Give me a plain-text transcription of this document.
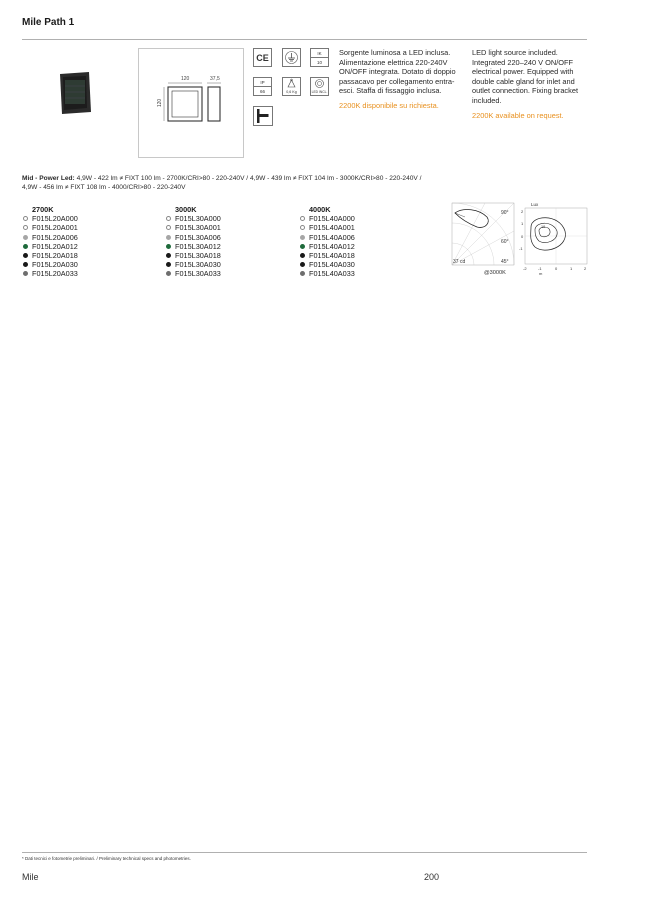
Mile Path 1
120	37,5
120
CE	IK
10
IP
66	0,6 Kg	LED INCL.
Sorgente luminosa a LED inclusa. Alimentazione elettrica 220-240V ON/OFF integrata. Dotato di doppio passacavo per collegamento entra-esci. Staffa di fissaggio inclusa.
2200K disponibile su richiesta.
LED light source included. Integrated 220–240 V ON/OFF electrical power. Equipped with double cable gland for inlet and outlet connection. Fixing bracket included.
2200K available on request.
Mid - Power Led: 4,9W - 422 lm ≠ FIXT 100 lm - 2700K/CRI>80 - 220-240V / 4,9W - 439 lm ≠ FIXT 104 lm - 3000K/CRI>80 - 220-240V /
4,9W - 456 lm ≠ FIXT 108 lm - 4000/CRI>80 - 220-240V
2700K
F015L20A000
F015L20A001
F015L20A006
F015L20A012
F015L20A018
F015L20A030
F015L20A033
3000K
F015L30A000
F015L30A001
F015L30A006
F015L30A012
F015L30A018
F015L30A030
F015L30A033
4000K
F015L40A000
F015L40A001
F015L40A006
F015L40A012
F015L40A018
F015L40A030
F015L40A033
90°
60°
45°
37 cd
@3000K
Lux
10
2
1
0
-1
-2	-1	0	1	2
m
* Dati tecnici e fotometrie preliminari. / Preliminary technical specs and photometries.
Mile	200
